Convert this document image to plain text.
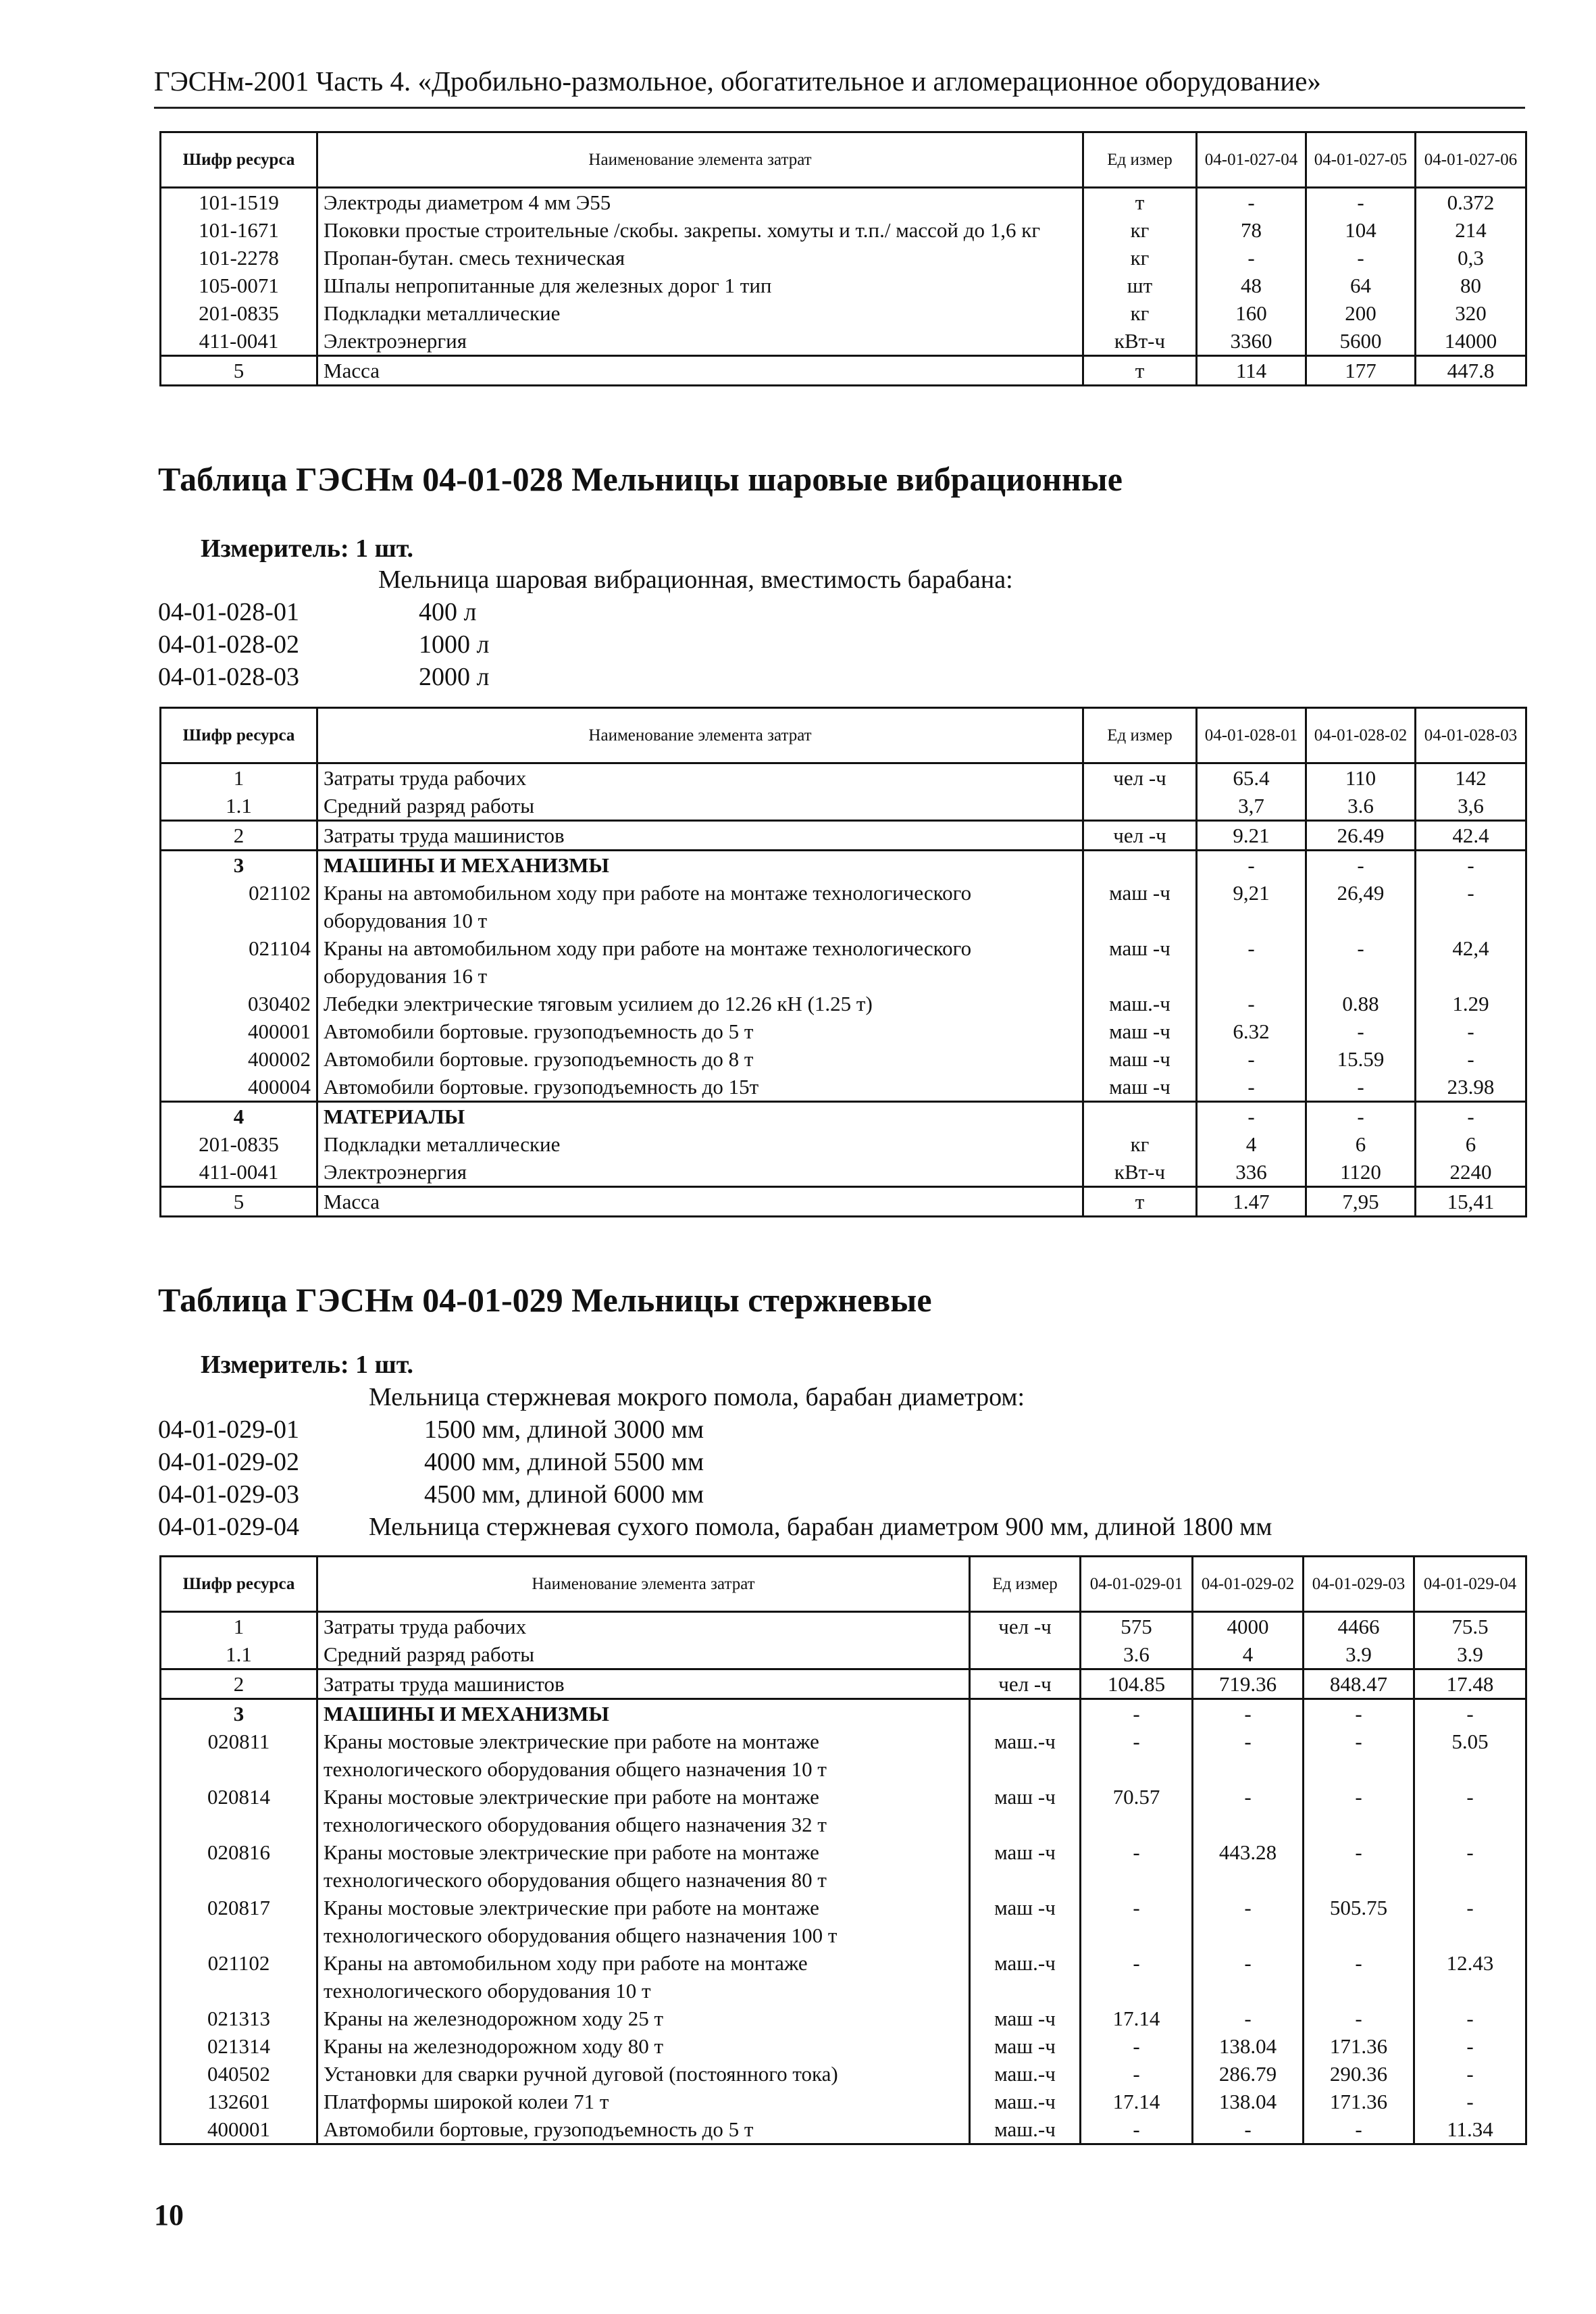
ГЭСНм-2001 Часть 4. «Дробильно-размольное, обогатительное и агломерационное оборудование»
Шифр ресурса	Наименование элемента затрат	Ед измер	04-01-027-04	04-01-027-05	04-01-027-06
101-1519	Электроды диаметром 4 мм Э55	т	-	-	0.372
101-1671	Поковки простые строительные /скобы. закрепы. хомуты и т.п./ массой до 1,6 кг	кг	78	104	214
101-2278	Пропан-бутан. смесь техническая	кг	-	-	0,3
105-0071	Шпалы непропитанные для железных дорог 1 тип	шт	48	64	80
201-0835	Подкладки металлические	кг	160	200	320
411-0041	Электроэнергия	кВт-ч	3360	5600	14000
5	Масса	т	114	177	447.8
Таблица ГЭСНм 04-01-028 Мельницы шаровые вибрационные
Измеритель: 1 шт.
Мельница шаровая вибрационная, вместимость барабана:
04-01-028-01	400 л
04-01-028-02	1000 л
04-01-028-03	2000 л
Шифр ресурса	Наименование элемента затрат	Ед измер	04-01-028-01	04-01-028-02	04-01-028-03
1	Затраты труда рабочих	чел -ч	65.4	110	142
1.1	Средний разряд работы		3,7	3.6	3,6
2	Затраты труда машинистов	чел -ч	9.21	26.49	42.4
3	МАШИНЫ И МЕХАНИЗМЫ		-	-	-
021102	Краны на автомобильном ходу при работе на монтаже технологического оборудования 10 т	маш -ч	9,21	26,49	-
021104	Краны на автомобильном ходу при работе на монтаже технологического оборудования 16 т	маш -ч	-	-	42,4
030402	Лебедки электрические тяговым усилием до 12.26 кН (1.25 т)	маш.-ч	-	0.88	1.29
400001	Автомобили бортовые. грузоподъемность до 5 т	маш -ч	6.32	-	-
400002	Автомобили бортовые. грузоподъемность до 8 т	маш -ч	-	15.59	-
400004	Автомобили бортовые. грузоподъемность до 15т	маш -ч	-	-	23.98
4	МАТЕРИАЛЫ		-	-	-
201-0835	Подкладки металлические	кг	4	6	6
411-0041	Электроэнергия	кВт-ч	336	1120	2240
5	Масса	т	1.47	7,95	15,41
Таблица ГЭСНм 04-01-029 Мельницы стержневые
Измеритель: 1 шт.
Мельница стержневая мокрого помола, барабан диаметром:
04-01-029-01	1500 мм, длиной 3000 мм
04-01-029-02	4000 мм, длиной 5500 мм
04-01-029-03	4500 мм, длиной 6000 мм
04-01-029-04	Мельница стержневая сухого помола, барабан диаметром 900 мм, длиной 1800 мм
Шифр ресурса	Наименование элемента затрат	Ед измер	04-01-029-01	04-01-029-02	04-01-029-03	04-01-029-04
1	Затраты труда рабочих	чел -ч	575	4000	4466	75.5
1.1	Средний разряд работы		3.6	4	3.9	3.9
2	Затраты труда машинистов	чел -ч	104.85	719.36	848.47	17.48
3	МАШИНЫ И МЕХАНИЗМЫ		-	-	-	-
020811	Краны мостовые электрические при работе на монтаже технологического оборудования общего назначения 10 т	маш.-ч	-	-	-	5.05
020814	Краны мостовые электрические при работе на монтаже технологического оборудования общего назначения 32 т	маш -ч	70.57	-	-	-
020816	Краны мостовые электрические при работе на монтаже технологического оборудования общего назначения 80 т	маш -ч	-	443.28	-	-
020817	Краны мостовые электрические при работе на монтаже технологического оборудования общего назначения 100 т	маш -ч	-	-	505.75	-
021102	Краны на автомобильном ходу при работе на монтаже технологического оборудования 10 т	маш.-ч	-	-	-	12.43
021313	Краны на железнодорожном ходу 25 т	маш -ч	17.14	-	-	-
021314	Краны на железнодорожном ходу 80 т	маш -ч	-	138.04	171.36	-
040502	Установки для сварки ручной дуговой (постоянного тока)	маш.-ч	-	286.79	290.36	-
132601	Платформы широкой колеи 71 т	маш.-ч	17.14	138.04	171.36	-
400001	Автомобили бортовые, грузоподъемность до 5 т	маш.-ч	-	-	-	11.34
10
